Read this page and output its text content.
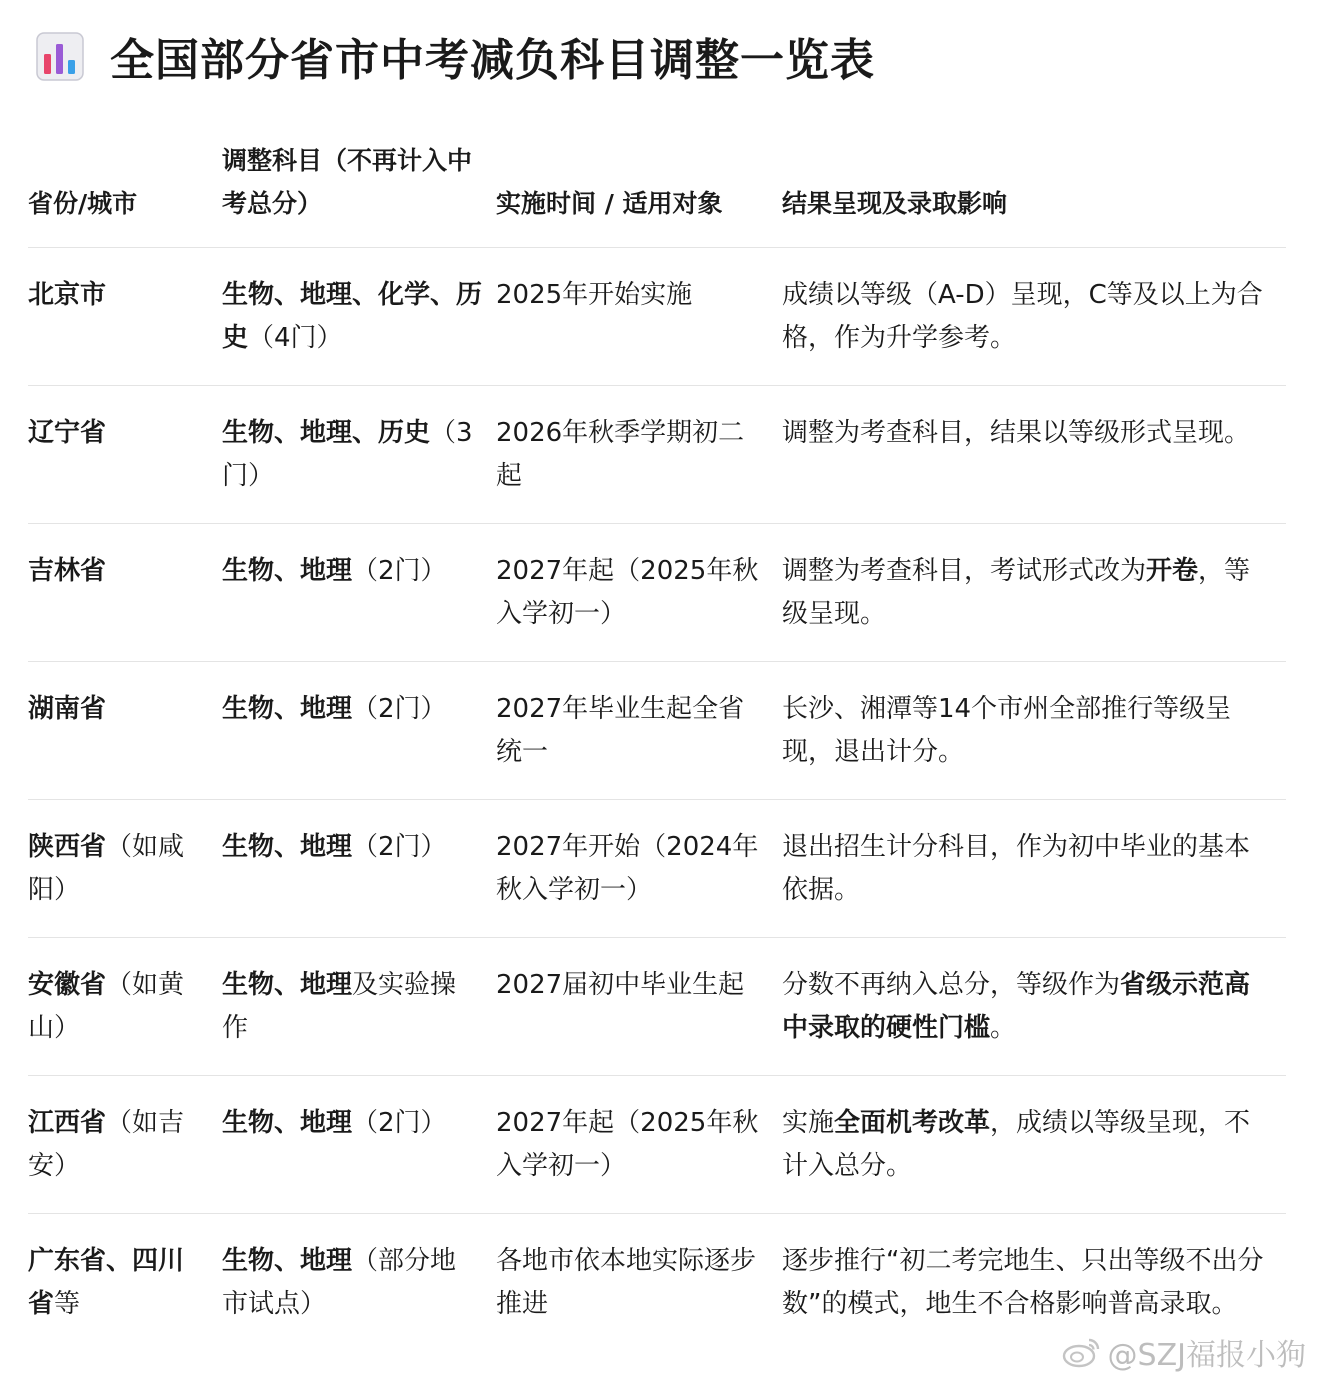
全国部分省市中考减负科目调整一览表
省份/城市	调整科目（不再计入中考总分）	实施时间 / 适用对象	结果呈现及录取影响

北京市	生物、地理、化学、历史（4门）	2025年开始实施	成绩以等级（A-D）呈现，C等及以上为合格，作为升学参考。

辽宁省	生物、地理、历史（3门）	2026年秋季学期初二起	调整为考查科目，结果以等级形式呈现。

吉林省	生物、地理（2门）	2027年起（2025年秋入学初一）	调整为考查科目，考试形式改为开卷，等级呈现。

湖南省	生物、地理（2门）	2027年毕业生起全省统一	长沙、湘潭等14个市州全部推行等级呈现，退出计分。

陕西省（如咸阳）	生物、地理（2门）	2027年开始（2024年秋入学初一）	退出招生计分科目，作为初中毕业的基本依据。

安徽省（如黄山）	生物、地理及实验操作	2027届初中毕业生起	分数不再纳入总分，等级作为省级示范高中录取的硬性门槛。

江西省（如吉安）	生物、地理（2门）	2027年起（2025年秋入学初一）	实施全面机考改革，成绩以等级呈现，不计入总分。

广东省、四川省等	生物、地理（部分地市试点）	各地市依本地实际逐步推进	逐步推行“初二考完地生、只出等级不出分数”的模式，地生不合格影响普高录取。
@SZJ福报小狗
